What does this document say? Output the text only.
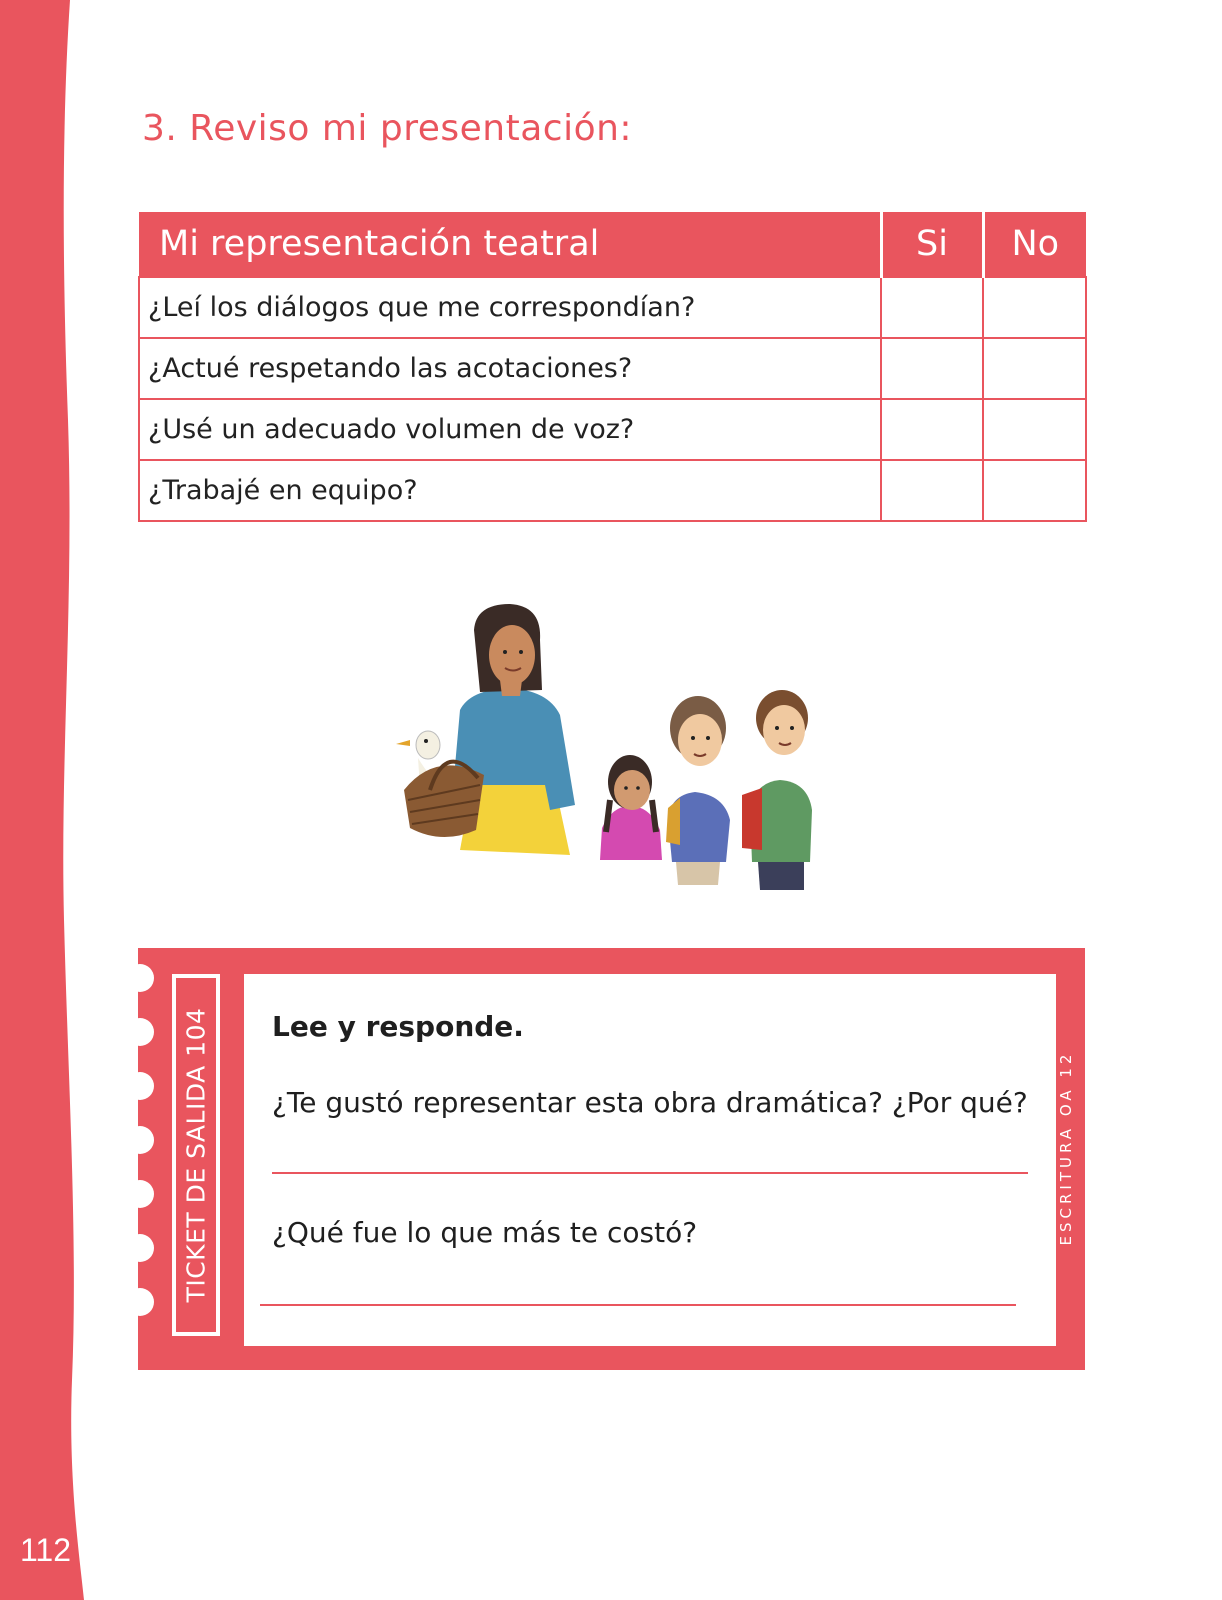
112
3. Reviso mi presentación:
Mi representación teatral	Si	No
¿Leí los diálogos que me correspondían?		
¿Actué respetando las acotaciones?		
¿Usé un adecuado volumen de voz?		
¿Trabajé en equipo?		
TICKET DE SALIDA 104 Lee y responde.

¿Te gustó representar esta obra dramática? ¿Por qué?

¿Qué fue lo que más te costó?	ESCRITURA OA 12
